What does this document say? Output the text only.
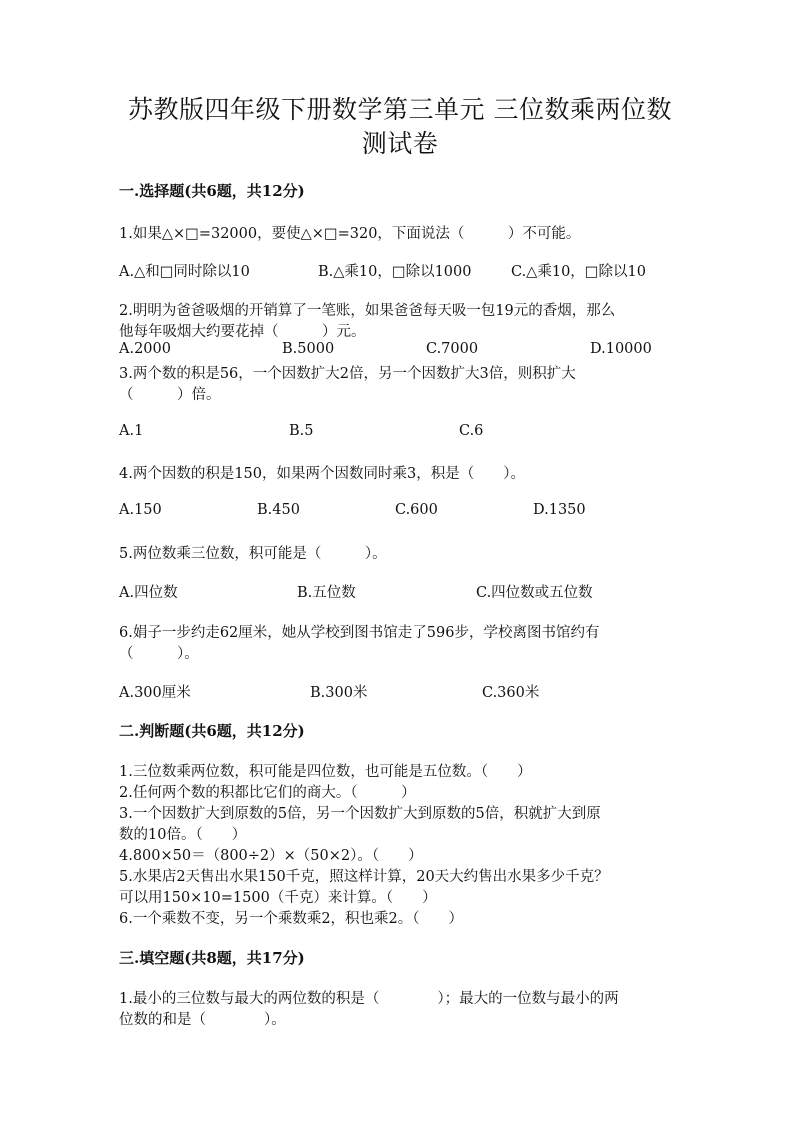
苏教版四年级下册数学第三单元 三位数乘两位数
测试卷
一.选择题(共6题，共12分)
1.如果△×□=32000，要使△×□=320，下面说法（　　　）不可能。
A.△和□同时除以10	B.△乘10，□除以1000	C.△乘10，□除以10
2.明明为爸爸吸烟的开销算了一笔账，如果爸爸每天吸一包19元的香烟，那么
他每年吸烟大约要花掉（　　　）元。
A.2000	B.5000	C.7000	D.10000
3.两个数的积是56，一个因数扩大2倍，另一个因数扩大3倍，则积扩大
（　　　）倍。
A.1	B.5	C.6
4.两个因数的积是150，如果两个因数同时乘3，积是（　　）。
A.150	B.450	C.600	D.1350
5.两位数乘三位数，积可能是（　　　）。
A.四位数	B.五位数	C.四位数或五位数
6.娟子一步约走62厘米，她从学校到图书馆走了596步，学校离图书馆约有
（　　　）。
A.300厘米	B.300米	C.360米
二.判断题(共6题，共12分)
1.三位数乘两位数，积可能是四位数，也可能是五位数。（　　）
2.任何两个数的积都比它们的商大。（　　　）
3.一个因数扩大到原数的5倍，另一个因数扩大到原数的5倍，积就扩大到原
数的10倍。（　　）
4.800×50＝（800÷2）×（50×2）。（　　）
5.水果店2天售出水果150千克，照这样计算，20天大约售出水果多少千克？
可以用150×10=1500（千克）来计算。（　　）
6.一个乘数不变，另一个乘数乘2，积也乘2。（　　）
三.填空题(共8题，共17分)
1.最小的三位数与最大的两位数的积是（　　　　）；最大的一位数与最小的两
位数的和是（　　　　）。
